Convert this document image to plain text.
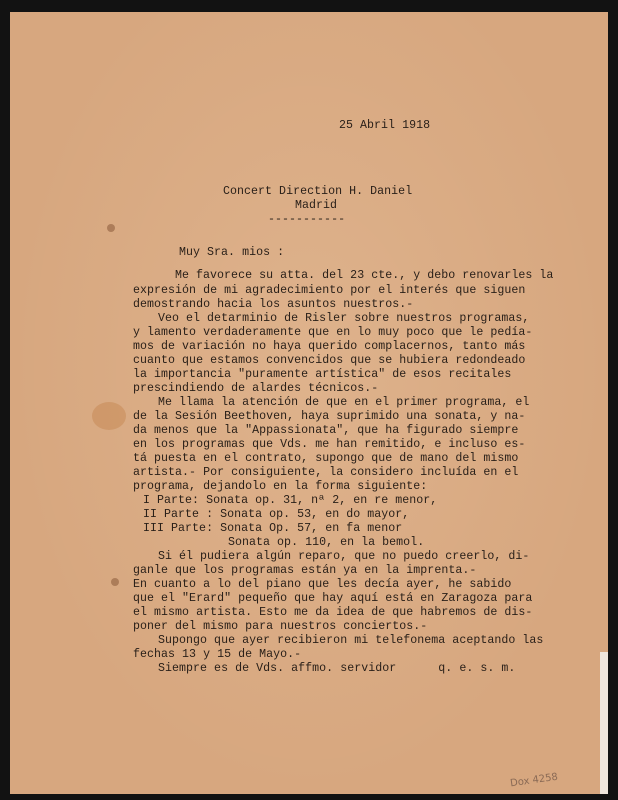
25 Abril 1918
Concert Direction H. Daniel
Madrid
-----------
Muy Sra. mios :
Me favorece su atta. del 23 cte., y debo renovarles la
expresión de mi agradecimiento por el interés que siguen
demostrando hacia los asuntos nuestros.-
Veo el detarminio de Risler sobre nuestros programas,
y lamento verdaderamente que en lo muy poco que le pedía-
mos de variación no haya querido complacernos, tanto más
cuanto que estamos convencidos que se hubiera redondeado
la importancia "puramente artística" de esos recitales
prescindiendo de alardes técnicos.-
Me llama la atención de que en el primer programa, el
de la Sesión Beethoven, haya suprimido una sonata, y na-
da menos que la "Appassionata", que ha figurado siempre
en los programas que Vds. me han remitido, e incluso es-
tá puesta en el contrato, supongo que de mano del mismo
artista.- Por consiguiente, la considero incluída en el
programa, dejandolo en la forma siguiente:
I Parte: Sonata op. 31, nª 2, en re menor,
II Parte : Sonata op. 53, en do mayor,
III Parte: Sonata Op. 57, en fa menor
Sonata op. 110, en la bemol.
Si él pudiera algún reparo, que no puedo creerlo, di-
ganle que los programas están ya en la imprenta.-
En cuanto a lo del piano que les decía ayer, he sabido
que el "Erard" pequeño que hay aquí está en Zaragoza para
el mismo artista. Esto me da idea de que habremos de dis-
poner del mismo para nuestros conciertos.-
Supongo que ayer recibieron mi telefonema aceptando las
fechas 13 y 15 de Mayo.-
Siempre es de Vds. affmo. servidor      q. e. s. m.
Dox 4258
